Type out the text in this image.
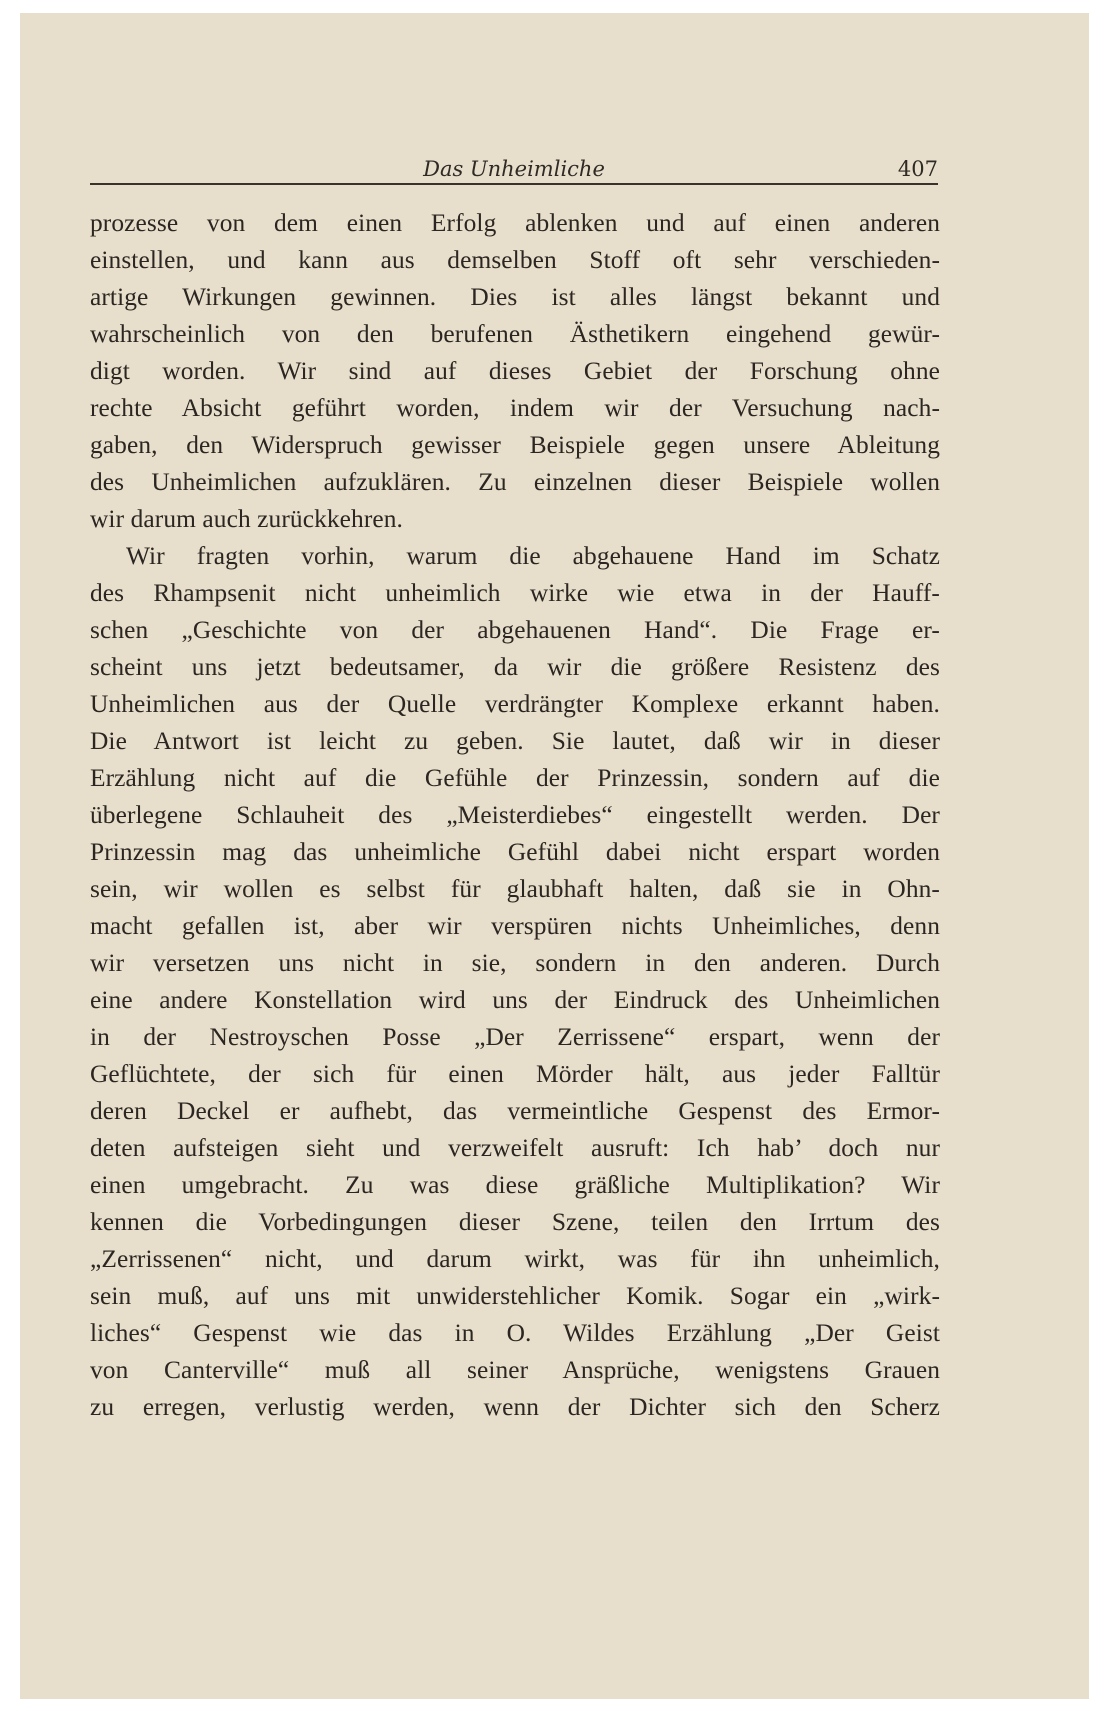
Das Unheimliche	407
prozesse von dem einen Erfolg ablenken und auf einen anderen
einstellen, und kann aus demselben Stoff oft sehr verschieden-
artige Wirkungen gewinnen. Dies ist alles längst bekannt und
wahrscheinlich von den berufenen Ästhetikern eingehend gewür-
digt worden. Wir sind auf dieses Gebiet der Forschung ohne
rechte Absicht geführt worden, indem wir der Versuchung nach-
gaben, den Widerspruch gewisser Beispiele gegen unsere Ableitung
des Unheimlichen aufzuklären. Zu einzelnen dieser Beispiele wollen
wir darum auch zurückkehren.
Wir fragten vorhin, warum die abgehauene Hand im Schatz
des Rhampsenit nicht unheimlich wirke wie etwa in der Hauff-
schen „Geschichte von der abgehauenen Hand“. Die Frage er-
scheint uns jetzt bedeutsamer, da wir die größere Resistenz des
Unheimlichen aus der Quelle verdrängter Komplexe erkannt haben.
Die Antwort ist leicht zu geben. Sie lautet, daß wir in dieser
Erzählung nicht auf die Gefühle der Prinzessin, sondern auf die
überlegene Schlauheit des „Meisterdiebes“ eingestellt werden. Der
Prinzessin mag das unheimliche Gefühl dabei nicht erspart worden
sein, wir wollen es selbst für glaubhaft halten, daß sie in Ohn-
macht gefallen ist, aber wir verspüren nichts Unheimliches, denn
wir versetzen uns nicht in sie, sondern in den anderen. Durch
eine andere Konstellation wird uns der Eindruck des Unheimlichen
in der Nestroyschen Posse „Der Zerrissene“ erspart, wenn der
Geflüchtete, der sich für einen Mörder hält, aus jeder Falltür
deren Deckel er aufhebt, das vermeintliche Gespenst des Ermor-
deten aufsteigen sieht und verzweifelt ausruft: Ich hab’ doch nur
einen umgebracht. Zu was diese gräßliche Multiplikation? Wir
kennen die Vorbedingungen dieser Szene, teilen den Irrtum des
„Zerrissenen“ nicht, und darum wirkt, was für ihn unheimlich,
sein muß, auf uns mit unwiderstehlicher Komik. Sogar ein „wirk-
liches“ Gespenst wie das in O. Wildes Erzählung „Der Geist
von Canterville“ muß all seiner Ansprüche, wenigstens Grauen
zu erregen, verlustig werden, wenn der Dichter sich den Scherz
